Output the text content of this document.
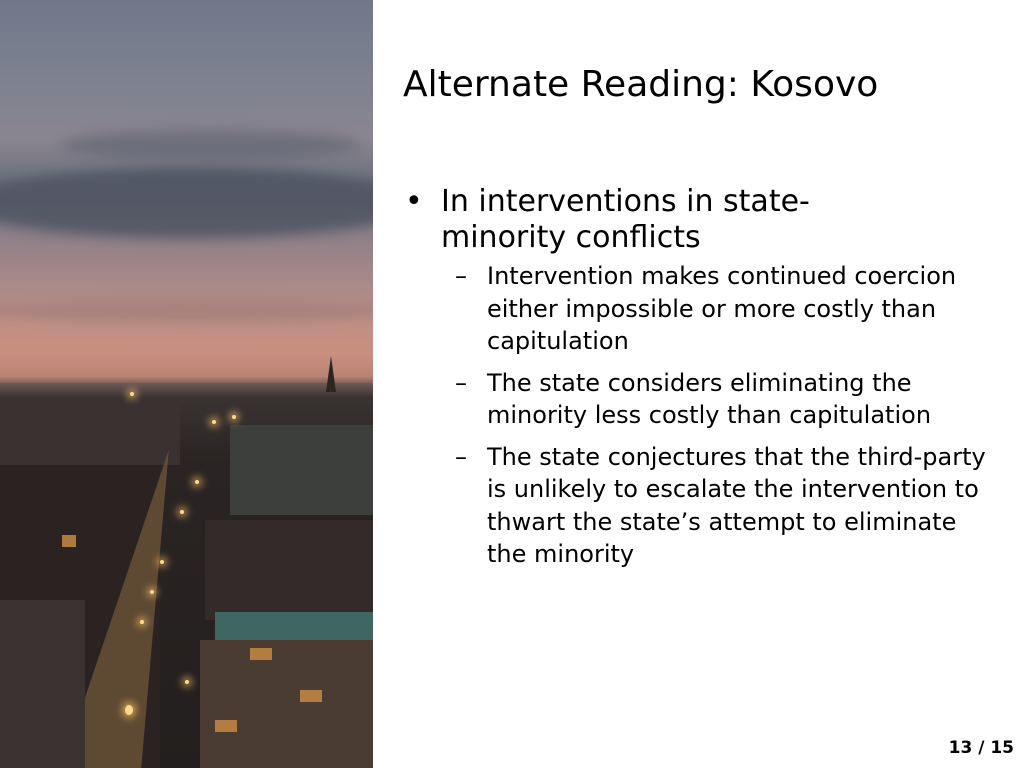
Alternate Reading: Kosovo
• In interventions in state-minority conflicts
– Intervention makes continued coercion either impossible or more costly than capitulation
– The state considers eliminating the minority less costly than capitulation
– The state conjectures that the third-party is unlikely to escalate the intervention to thwart the state’s attempt to eliminate the minority
13 / 15
